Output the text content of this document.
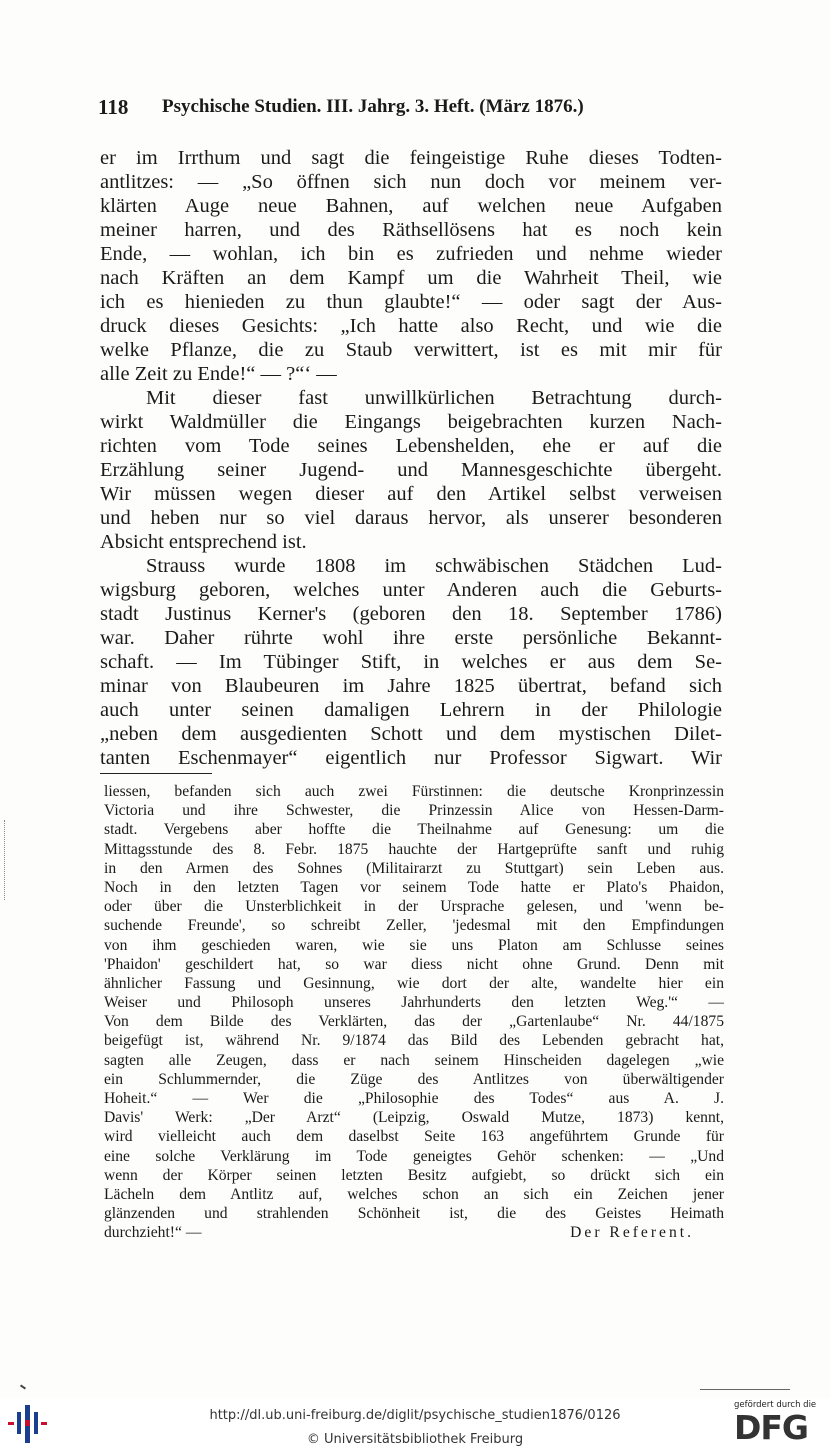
118 Psychische Studien. III. Jahrg. 3. Heft. (März 1876.)
er im Irrthum und sagt die feingeistige Ruhe dieses Todten-
antlitzes: — „So öffnen sich nun doch vor meinem ver-
klärten Auge neue Bahnen, auf welchen neue Aufgaben
meiner harren, und des Räthsellösens hat es noch kein
Ende, — wohlan, ich bin es zufrieden und nehme wieder
nach Kräften an dem Kampf um die Wahrheit Theil, wie
ich es hienieden zu thun glaubte!“ — oder sagt der Aus-
druck dieses Gesichts: „Ich hatte also Recht, und wie die
welke Pflanze, die zu Staub verwittert, ist es mit mir für
alle Zeit zu Ende!“ — ?“‘ —
Mit dieser fast unwillkürlichen Betrachtung durch-
wirkt Waldmüller die Eingangs beigebrachten kurzen Nach-
richten vom Tode seines Lebenshelden, ehe er auf die
Erzählung seiner Jugend- und Mannesgeschichte übergeht.
Wir müssen wegen dieser auf den Artikel selbst verweisen
und heben nur so viel daraus hervor, als unserer besonderen
Absicht entsprechend ist.
Strauss wurde 1808 im schwäbischen Städchen Lud-
wigsburg geboren, welches unter Anderen auch die Geburts-
stadt Justinus Kerner's (geboren den 18. September 1786)
war. Daher rührte wohl ihre erste persönliche Bekannt-
schaft. — Im Tübinger Stift, in welches er aus dem Se-
minar von Blaubeuren im Jahre 1825 übertrat, befand sich
auch unter seinen damaligen Lehrern in der Philologie
„neben dem ausgedienten Schott und dem mystischen Dilet-
tanten Eschenmayer“ eigentlich nur Professor Sigwart. Wir
liessen, befanden sich auch zwei Fürstinnen: die deutsche Kronprinzessin
Victoria und ihre Schwester, die Prinzessin Alice von Hessen-Darm-
stadt. Vergebens aber hoffte die Theilnahme auf Genesung: um die
Mittagsstunde des 8. Febr. 1875 hauchte der Hartgeprüfte sanft und ruhig
in den Armen des Sohnes (Militairarzt zu Stuttgart) sein Leben aus.
Noch in den letzten Tagen vor seinem Tode hatte er Plato's Phaidon,
oder über die Unsterblichkeit in der Ursprache gelesen, und 'wenn be-
suchende Freunde', so schreibt Zeller, 'jedesmal mit den Empfindungen
von ihm geschieden waren, wie sie uns Platon am Schlusse seines
'Phaidon' geschildert hat, so war diess nicht ohne Grund. Denn mit
ähnlicher Fassung und Gesinnung, wie dort der alte, wandelte hier ein
Weiser und Philosoph unseres Jahrhunderts den letzten Weg.'“ —
Von dem Bilde des Verklärten, das der „Gartenlaube“ Nr. 44/1875
beigefügt ist, während Nr. 9/1874 das Bild des Lebenden gebracht hat,
sagten alle Zeugen, dass er nach seinem Hinscheiden dagelegen „wie
ein Schlummernder, die Züge des Antlitzes von überwältigender
Hoheit.“ — Wer die „Philosophie des Todes“ aus A. J.
Davis' Werk: „Der Arzt“ (Leipzig, Oswald Mutze, 1873) kennt,
wird vielleicht auch dem daselbst Seite 163 angeführtem Grunde für
eine solche Verklärung im Tode geneigtes Gehör schenken: — „Und
wenn der Körper seinen letzten Besitz aufgiebt, so drückt sich ein
Lächeln dem Antlitz auf, welches schon an sich ein Zeichen jener
glänzenden und strahlenden Schönheit ist, die des Geistes Heimath
durchzieht!“ —	Der Referent.
http://dl.ub.uni-freiburg.de/diglit/psychische_studien1876/0126
© Universitätsbibliothek Freiburg
gefördert durch die
DFG
